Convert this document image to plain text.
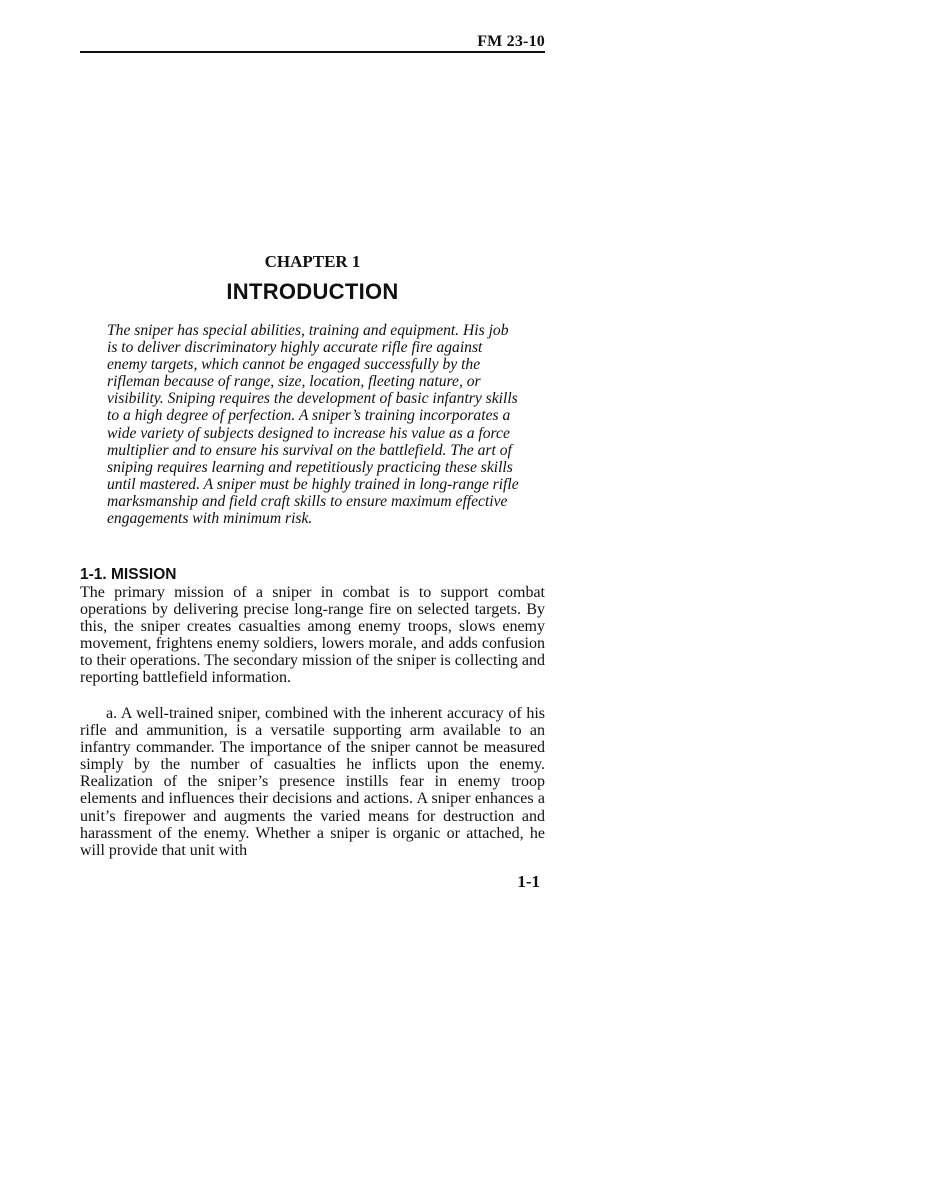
FM 23-10
CHAPTER 1
INTRODUCTION

The sniper has special abilities, training and equipment. His job is to deliver discriminatory highly accurate rifle fire against enemy targets, which cannot be engaged successfully by the rifleman because of range, size, location, fleeting nature, or visibility. Sniping requires the development of basic infantry skills to a high degree of perfection. A sniper’s training incorporates a wide variety of subjects designed to increase his value as a force multiplier and to ensure his survival on the battlefield. The art of sniping requires learning and repetitiously practicing these skills until mastered. A sniper must be highly trained in long-range rifle marksmanship and field craft skills to ensure maximum effective engagements with minimum risk.

1-1. MISSION

The primary mission of a sniper in combat is to support combat operations by delivering precise long-range fire on selected targets. By this, the sniper creates casualties among enemy troops, slows enemy movement, frightens enemy soldiers, lowers morale, and adds confusion to their operations. The secondary mission of the sniper is collecting and reporting battlefield information.

a. A well-trained sniper, combined with the inherent accuracy of his rifle and ammunition, is a versatile supporting arm available to an infantry commander. The importance of the sniper cannot be measured simply by the number of casualties he inflicts upon the enemy. Realization of the sniper’s presence instills fear in enemy troop elements and influences their decisions and actions. A sniper enhances a unit’s firepower and augments the varied means for destruction and harassment of the enemy. Whether a sniper is organic or attached, he will provide that unit with

1-1
